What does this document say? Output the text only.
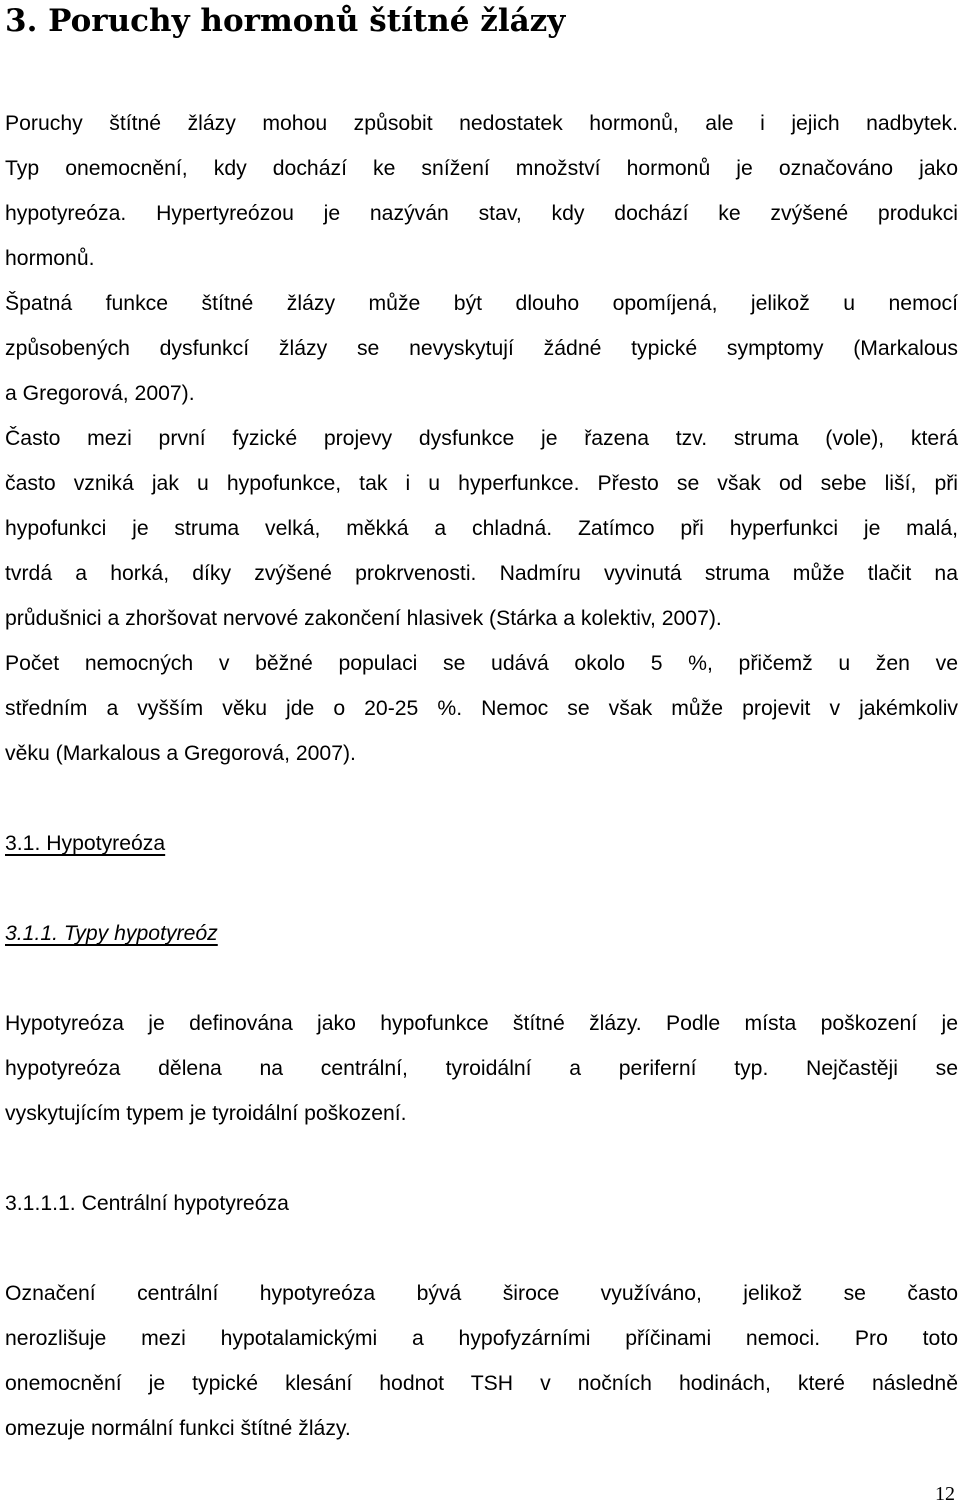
3. Poruchy hormonů štítné žlázy
Poruchy štítné žlázy mohou způsobit nedostatek hormonů, ale i jejich nadbytek.
Typ onemocnění, kdy dochází ke snížení množství hormonů je označováno jako
hypotyreóza. Hypertyreózou je nazýván stav, kdy dochází ke zvýšené produkci
hormonů.
Špatná funkce štítné žlázy může být dlouho opomíjená, jelikož u nemocí
způsobených dysfunkcí žlázy se nevyskytují žádné typické symptomy (Markalous
a Gregorová, 2007).
Často mezi první fyzické projevy dysfunkce je řazena tzv. struma (vole), která
často vzniká jak u hypofunkce, tak i u hyperfunkce. Přesto se však od sebe liší, při
hypofunkci je struma velká, měkká a chladná. Zatímco při hyperfunkci je malá,
tvrdá a horká, díky zvýšené prokrvenosti. Nadmíru vyvinutá struma může tlačit na
průdušnici a zhoršovat nervové zakončení hlasivek (Stárka a kolektiv, 2007).
Počet nemocných v běžné populaci se udává okolo 5 %, přičemž u žen ve
středním a vyšším věku jde o 20-25 %. Nemoc se však může projevit v jakémkoliv
věku (Markalous a Gregorová, 2007).
3.1. Hypotyreóza
3.1.1. Typy hypotyreóz
Hypotyreóza je definována jako hypofunkce štítné žlázy. Podle místa poškození je
hypotyreóza dělena na centrální, tyroidální a periferní typ. Nejčastěji se
vyskytujícím typem je tyroidální poškození.
3.1.1.1. Centrální hypotyreóza
Označení centrální hypotyreóza bývá široce využíváno, jelikož se často
nerozlišuje mezi hypotalamickými a hypofyzárními příčinami nemoci. Pro toto
onemocnění je typické klesání hodnot TSH v nočních hodinách, které následně
omezuje normální funkci štítné žlázy.
12
